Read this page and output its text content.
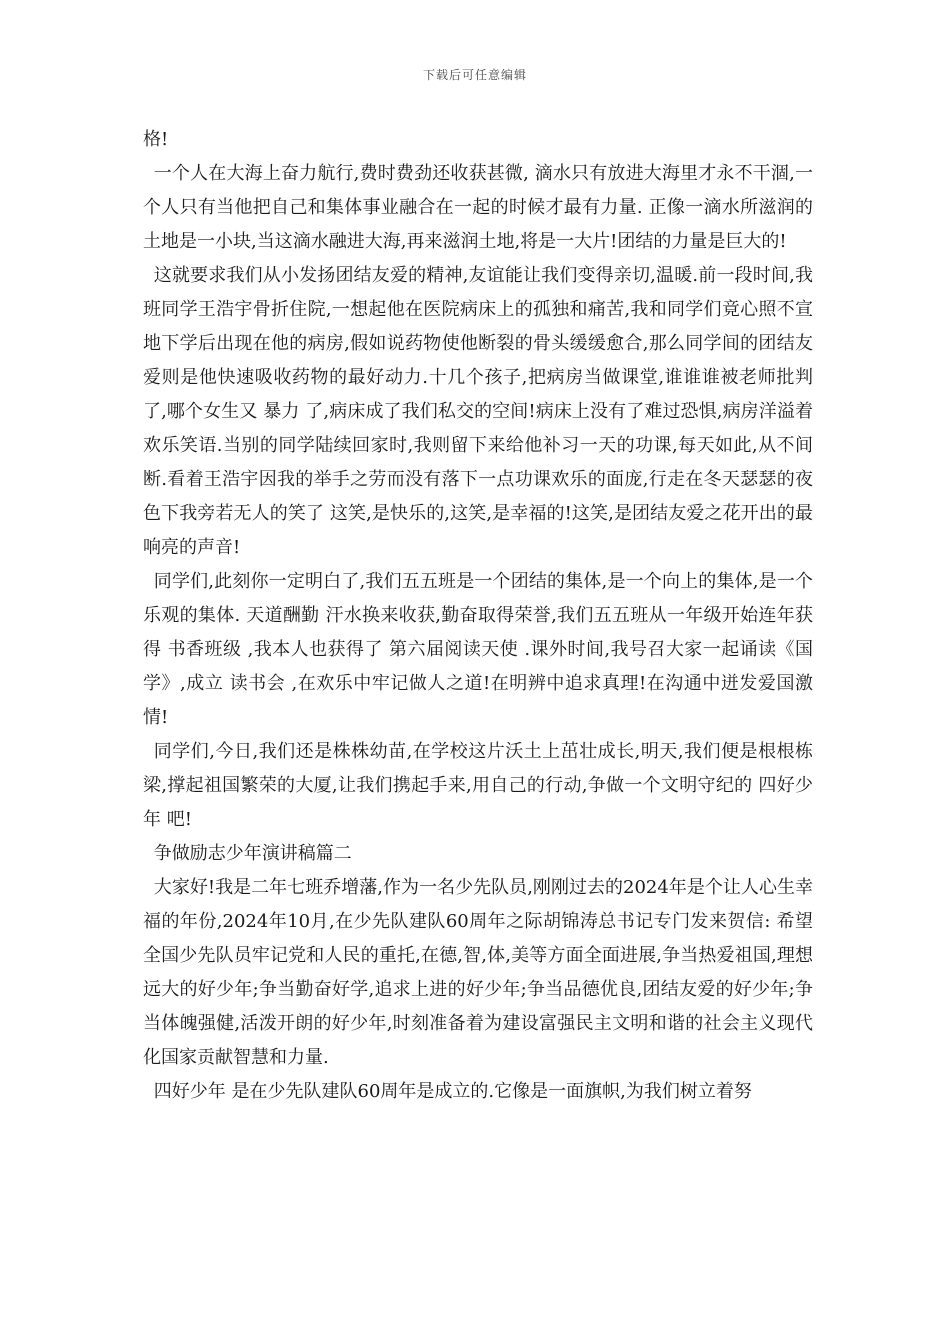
下载后可任意编辑

格!

一个人在大海上奋力航行,费时费劲还收获甚微, 滴水只有放进大海里才永不干涸,一个人只有当他把自己和集体事业融合在一起的时候才最有力量. 正像一滴水所滋润的土地是一小块,当这滴水融进大海,再来滋润土地,将是一大片!团结的力量是巨大的!

这就要求我们从小发扬团结友爱的精神,友谊能让我们变得亲切,温暖.前一段时间,我班同学王浩宇骨折住院,一想起他在医院病床上的孤独和痛苦,我和同学们竟心照不宣地下学后出现在他的病房,假如说药物使他断裂的骨头缓缓愈合,那么同学间的团结友爱则是他快速吸收药物的最好动力.十几个孩子,把病房当做课堂,谁谁谁被老师批判了,哪个女生又 暴力 了,病床成了我们私交的空间!病床上没有了难过恐惧,病房洋溢着欢乐笑语.当别的同学陆续回家时,我则留下来给他补习一天的功课,每天如此,从不间断.看着王浩宇因我的举手之劳而没有落下一点功课欢乐的面庞,行走在冬天瑟瑟的夜色下我旁若无人的笑了 这笑,是快乐的,这笑,是幸福的!这笑,是团结友爱之花开出的最响亮的声音!

同学们,此刻你一定明白了,我们五五班是一个团结的集体,是一个向上的集体,是一个乐观的集体. 天道酬勤 汗水换来收获,勤奋取得荣誉,我们五五班从一年级开始连年获得 书香班级 ,我本人也获得了 第六届阅读天使 .课外时间,我号召大家一起诵读《国学》,成立 读书会 ,在欢乐中牢记做人之道!在明辨中追求真理!在沟通中迸发爱国激情!

同学们,今日,我们还是株株幼苗,在学校这片沃土上茁壮成长,明天,我们便是根根栋梁,撑起祖国繁荣的大厦,让我们携起手来,用自己的行动,争做一个文明守纪的 四好少年 吧!

争做励志少年演讲稿篇二

大家好!我是二年七班乔增藩,作为一名少先队员,刚刚过去的2024年是个让人心生幸福的年份,2024年10月,在少先队建队60周年之际胡锦涛总书记专门发来贺信: 希望全国少先队员牢记党和人民的重托,在德,智,体,美等方面全面进展,争当热爱祖国,理想远大的好少年;争当勤奋好学,追求上进的好少年;争当品德优良,团结友爱的好少年;争当体魄强健,活泼开朗的好少年,时刻准备着为建设富强民主文明和谐的社会主义现代化国家贡献智慧和力量.

四好少年 是在少先队建队60周年是成立的.它像是一面旗帜,为我们树立着努
